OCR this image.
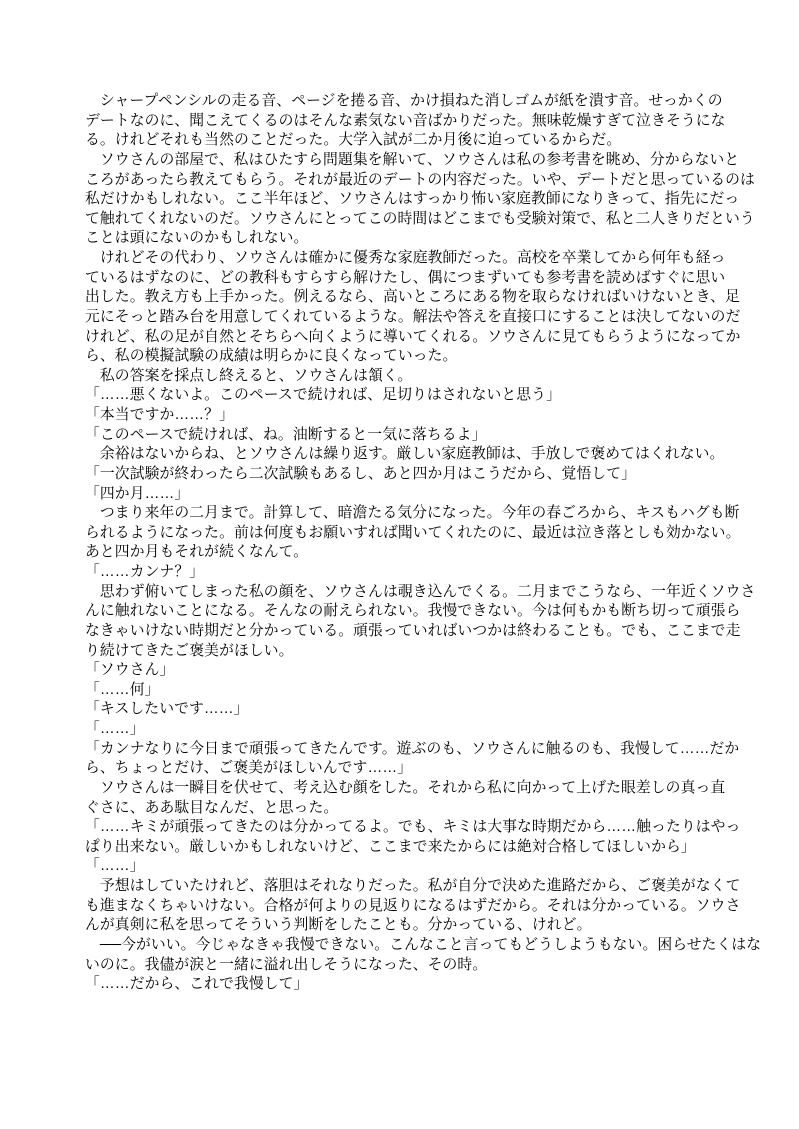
　シャープペンシルの走る音、ページを捲る音、かけ損ねた消しゴムが紙を潰す音。せっかくの
デートなのに、聞こえてくるのはそんな素気ない音ばかりだった。無味乾燥すぎて泣きそうにな
る。けれどそれも当然のことだった。大学入試が二か月後に迫っているからだ。
　ソウさんの部屋で、私はひたすら問題集を解いて、ソウさんは私の参考書を眺め、分からないと
ころがあったら教えてもらう。それが最近のデートの内容だった。いや、デートだと思っているのは
私だけかもしれない。ここ半年ほど、ソウさんはすっかり怖い家庭教師になりきって、指先にだっ
て触れてくれないのだ。ソウさんにとってこの時間はどこまでも受験対策で、私と二人きりだという
ことは頭にないのかもしれない。
　けれどその代わり、ソウさんは確かに優秀な家庭教師だった。高校を卒業してから何年も経っ
ているはずなのに、どの教科もすらすら解けたし、偶につまずいても参考書を読めばすぐに思い
出した。教え方も上手かった。例えるなら、高いところにある物を取らなければいけないとき、足
元にそっと踏み台を用意してくれているような。解法や答えを直接口にすることは決してないのだ
けれど、私の足が自然とそちらへ向くように導いてくれる。ソウさんに見てもらうようになってか
ら、私の模擬試験の成績は明らかに良くなっていった。
　私の答案を採点し終えると、ソウさんは頷く。
「……悪くないよ。このペースで続ければ、足切りはされないと思う」
「本当ですか……？」
「このペースで続ければ、ね。油断すると一気に落ちるよ」
　余裕はないからね、とソウさんは繰り返す。厳しい家庭教師は、手放しで褒めてはくれない。
「一次試験が終わったら二次試験もあるし、あと四か月はこうだから、覚悟して」
「四か月……」
　つまり来年の二月まで。計算して、暗澹たる気分になった。今年の春ごろから、キスもハグも断
られるようになった。前は何度もお願いすれば聞いてくれたのに、最近は泣き落としも効かない。
あと四か月もそれが続くなんて。
「……カンナ？」
　思わず俯いてしまった私の顔を、ソウさんは覗き込んでくる。二月までこうなら、一年近くソウさ
んに触れないことになる。そんなの耐えられない。我慢できない。今は何もかも断ち切って頑張ら
なきゃいけない時期だと分かっている。頑張っていればいつかは終わることも。でも、ここまで走
り続けてきたご褒美がほしい。
「ソウさん」
「……何」
「キスしたいです……」
「……」
「カンナなりに今日まで頑張ってきたんです。遊ぶのも、ソウさんに触るのも、我慢して……だか
ら、ちょっとだけ、ご褒美がほしいんです……」
　ソウさんは一瞬目を伏せて、考え込む顔をした。それから私に向かって上げた眼差しの真っ直
ぐさに、ああ駄目なんだ、と思った。
「……キミが頑張ってきたのは分かってるよ。でも、キミは大事な時期だから……触ったりはやっ
ぱり出来ない。厳しいかもしれないけど、ここまで来たからには絶対合格してほしいから」
「……」
　予想はしていたけれど、落胆はそれなりだった。私が自分で決めた進路だから、ご褒美がなくて
も進まなくちゃいけない。合格が何よりの見返りになるはずだから。それは分かっている。ソウさ
んが真剣に私を思ってそういう判断をしたことも。分かっている、けれど。
　──今がいい。今じゃなきゃ我慢できない。こんなこと言ってもどうしようもない。困らせたくはな
いのに。我儘が涙と一緒に溢れ出しそうになった、その時。
「……だから、これで我慢して」
